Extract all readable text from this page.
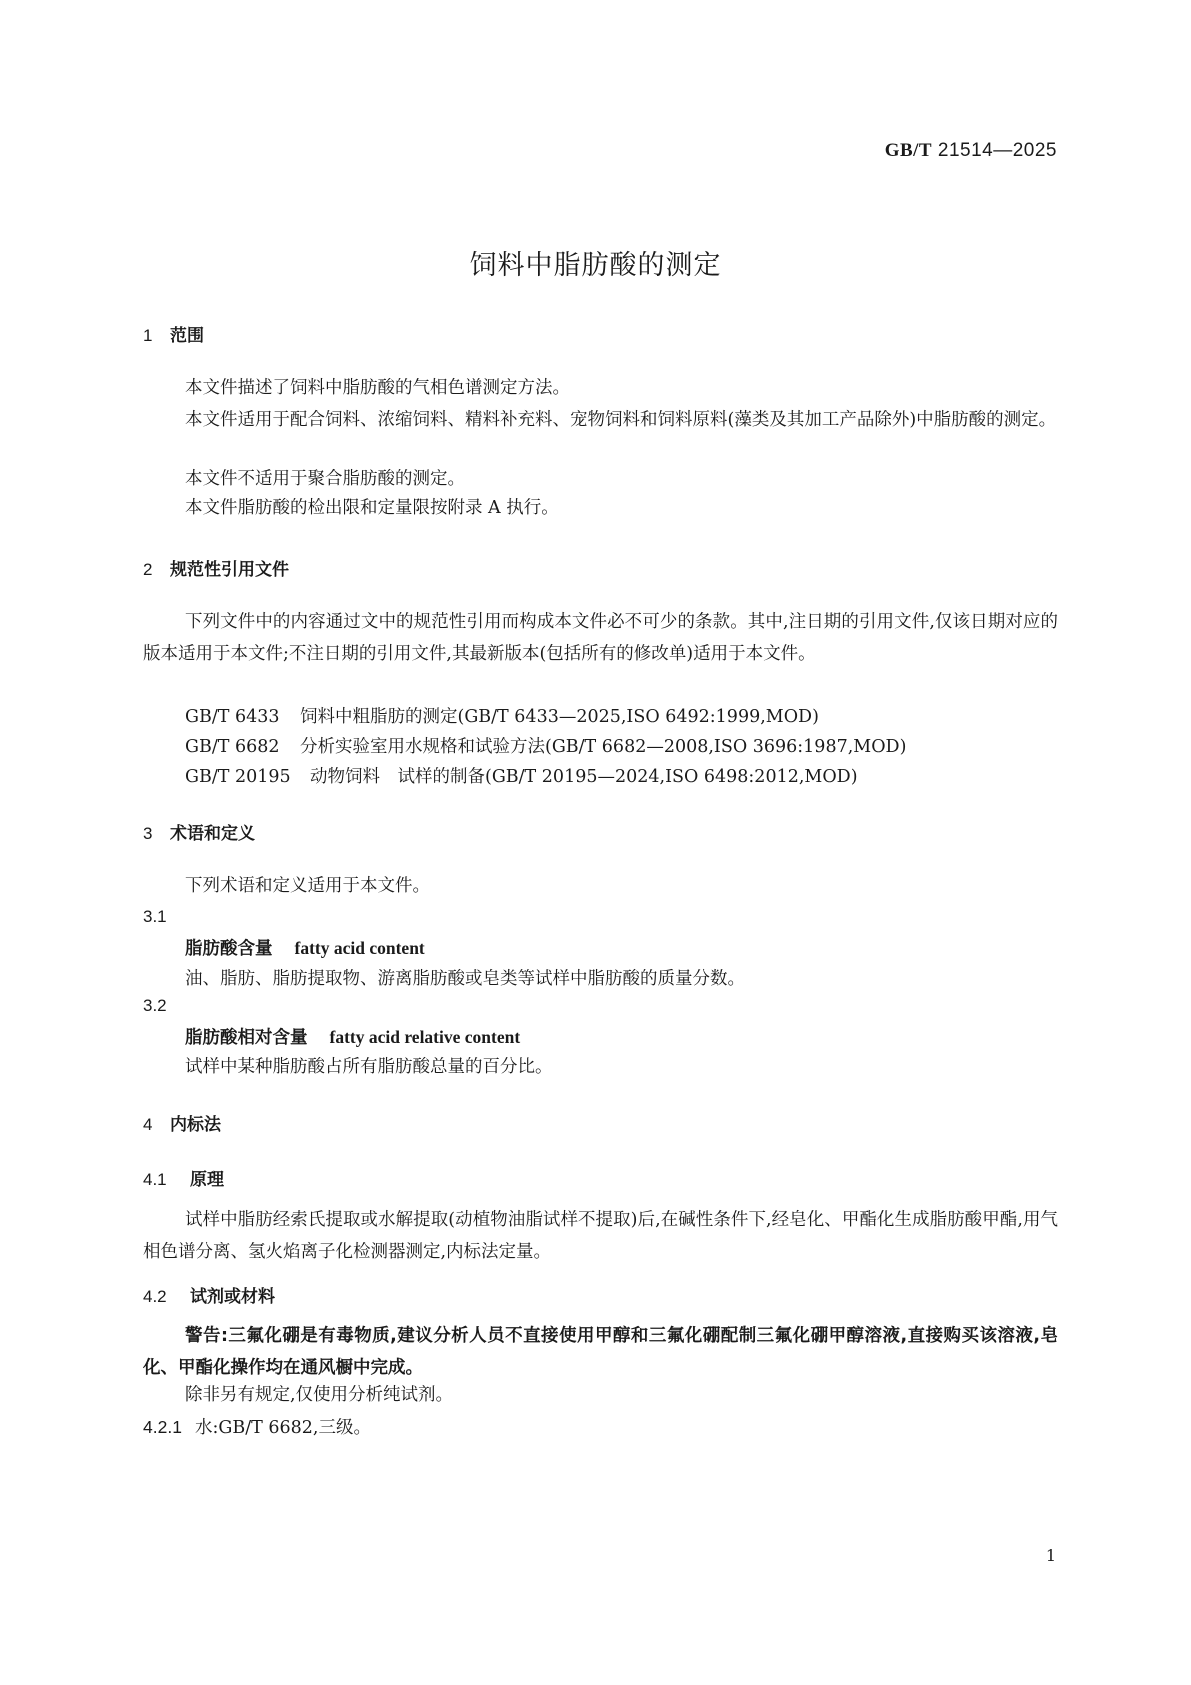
GB/T 21514—2025
饲料中脂肪酸的测定
1 范围
本文件描述了饲料中脂肪酸的气相色谱测定方法。
本文件适用于配合饲料、浓缩饲料、精料补充料、宠物饲料和饲料原料(藻类及其加工产品除外)中脂肪酸的测定。
本文件不适用于聚合脂肪酸的测定。
本文件脂肪酸的检出限和定量限按附录 A 执行。
2 规范性引用文件
下列文件中的内容通过文中的规范性引用而构成本文件必不可少的条款。其中,注日期的引用文件,仅该日期对应的版本适用于本文件;不注日期的引用文件,其最新版本(包括所有的修改单)适用于本文件。
GB/T 6433 饲料中粗脂肪的测定(GB/T 6433—2025,ISO 6492:1999,MOD)
GB/T 6682 分析实验室用水规格和试验方法(GB/T 6682—2008,ISO 3696:1987,MOD)
GB/T 20195 动物饲料　试样的制备(GB/T 20195—2024,ISO 6498:2012,MOD)
3 术语和定义
下列术语和定义适用于本文件。
3.1
脂肪酸含量 fatty acid content
油、脂肪、脂肪提取物、游离脂肪酸或皂类等试样中脂肪酸的质量分数。
3.2
脂肪酸相对含量 fatty acid relative content
试样中某种脂肪酸占所有脂肪酸总量的百分比。
4 内标法
4.1 原理
试样中脂肪经索氏提取或水解提取(动植物油脂试样不提取)后,在碱性条件下,经皂化、甲酯化生成脂肪酸甲酯,用气相色谱分离、氢火焰离子化检测器测定,内标法定量。
4.2 试剂或材料
警告:三氟化硼是有毒物质,建议分析人员不直接使用甲醇和三氟化硼配制三氟化硼甲醇溶液,直接购买该溶液,皂化、甲酯化操作均在通风橱中完成。
除非另有规定,仅使用分析纯试剂。
4.2.1 水:GB/T 6682,三级。
1
